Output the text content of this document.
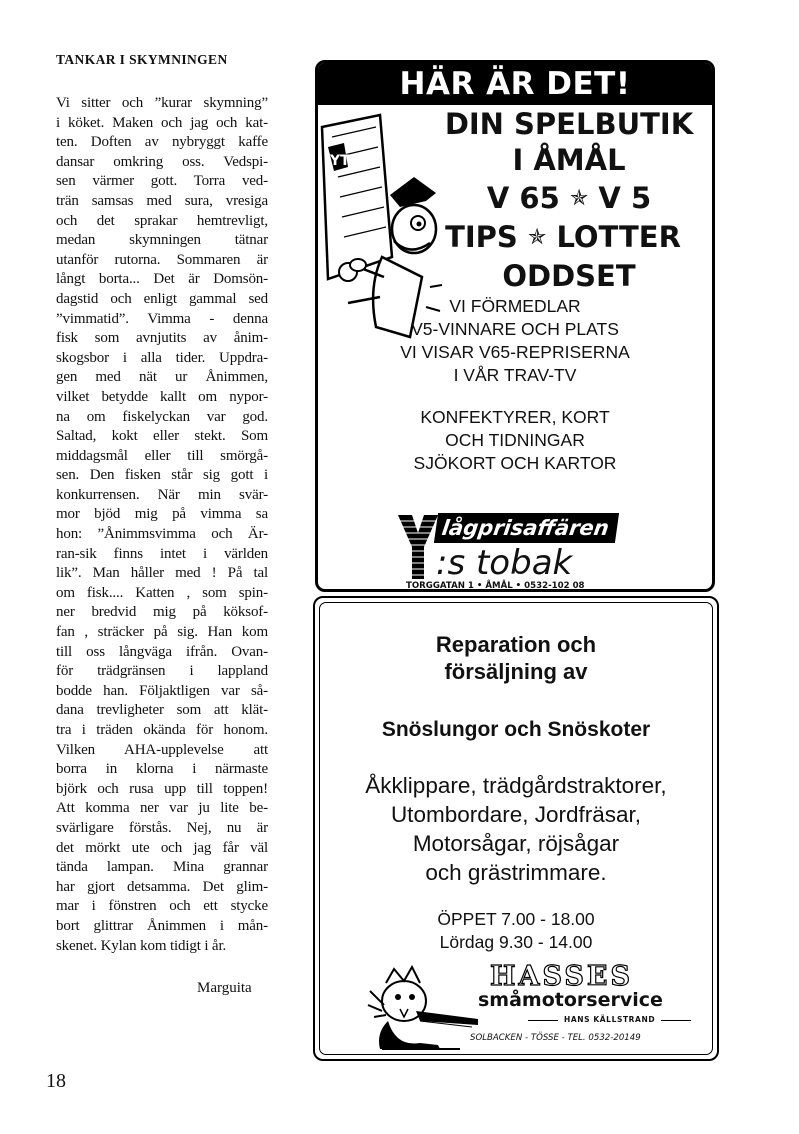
TANKAR I SKYMNINGEN

Vi sitter och ”kurar skymning”

i köket. Maken och jag och kat-

ten. Doften av nybryggt kaffe

dansar omkring oss. Vedspi-

sen värmer gott. Torra ved-

trän samsas med sura, vresiga

och det sprakar hemtrevligt,

medan skymningen tätnar

utanför rutorna. Sommaren är

långt borta... Det är Domsön-

dagstid och enligt gammal sed

”vimmatid”. Vimma - denna

fisk som avnjutits av ånim-

skogsbor i alla tider. Uppdra-

gen med nät ur Ånimmen,

vilket betydde kallt om nypor-

na om fiskelyckan var god.

Saltad, kokt eller stekt. Som

middagsmål eller till smörgå-

sen. Den fisken står sig gott i

konkurrensen. När min svär-

mor bjöd mig på vimma sa

hon: ”Ånimmsvimma och Är-

ran-sik finns intet i världen

lik”. Man håller med ! På tal

om fisk.... Katten , som spin-

ner bredvid mig på köksof-

fan , sträcker på sig. Han kom

till oss långväga ifrån. Ovan-

för trädgränsen i lappland

bodde han. Följaktligen var så-

dana trevligheter som att klät-

tra i träden okända för honom.

Vilken AHA-upplevelse att

borra in klorna i närmaste

björk och rusa upp till toppen!

Att komma ner var ju lite be-

svärligare förstås. Nej, nu är

det mörkt ute och jag får väl

tända lampan. Mina grannar

har gjort detsamma. Det glim-

mar i fönstren och ett stycke

bort glittrar Ånimmen i mån-

skenet. Kylan kom tidigt i år.

Marguita
18
HÄR ÄR DET!
YT
DIN SPELBUTIK
I ÅMÅL
V 65 ✯ V 5
TIPS ✯ LOTTER
ODDSET
VI FÖRMEDLAR
V5-VINNARE OCH PLATS
VI VISAR V65-REPRISERNA
I VÅR TRAV-TV
KONFEKTYRER, KORT
OCH TIDNINGAR
SJÖKORT OCH KARTOR
lågprisaffären
:s tobak
TORGGATAN 1 • ÅMÅL • 0532-102 08
Reparation och
försäljning av
Snöslungor och Snöskoter
Åkklippare, trädgårdstraktorer,
Utombordare, Jordfräsar,
Motorsågar, röjsågar
och grästrimmare.
ÖPPET 7.00 - 18.00
Lördag 9.30 - 14.00
HASSES
småmotorservice
HANS KÄLLSTRAND
SOLBACKEN - TÖSSE - TEL. 0532-20149
